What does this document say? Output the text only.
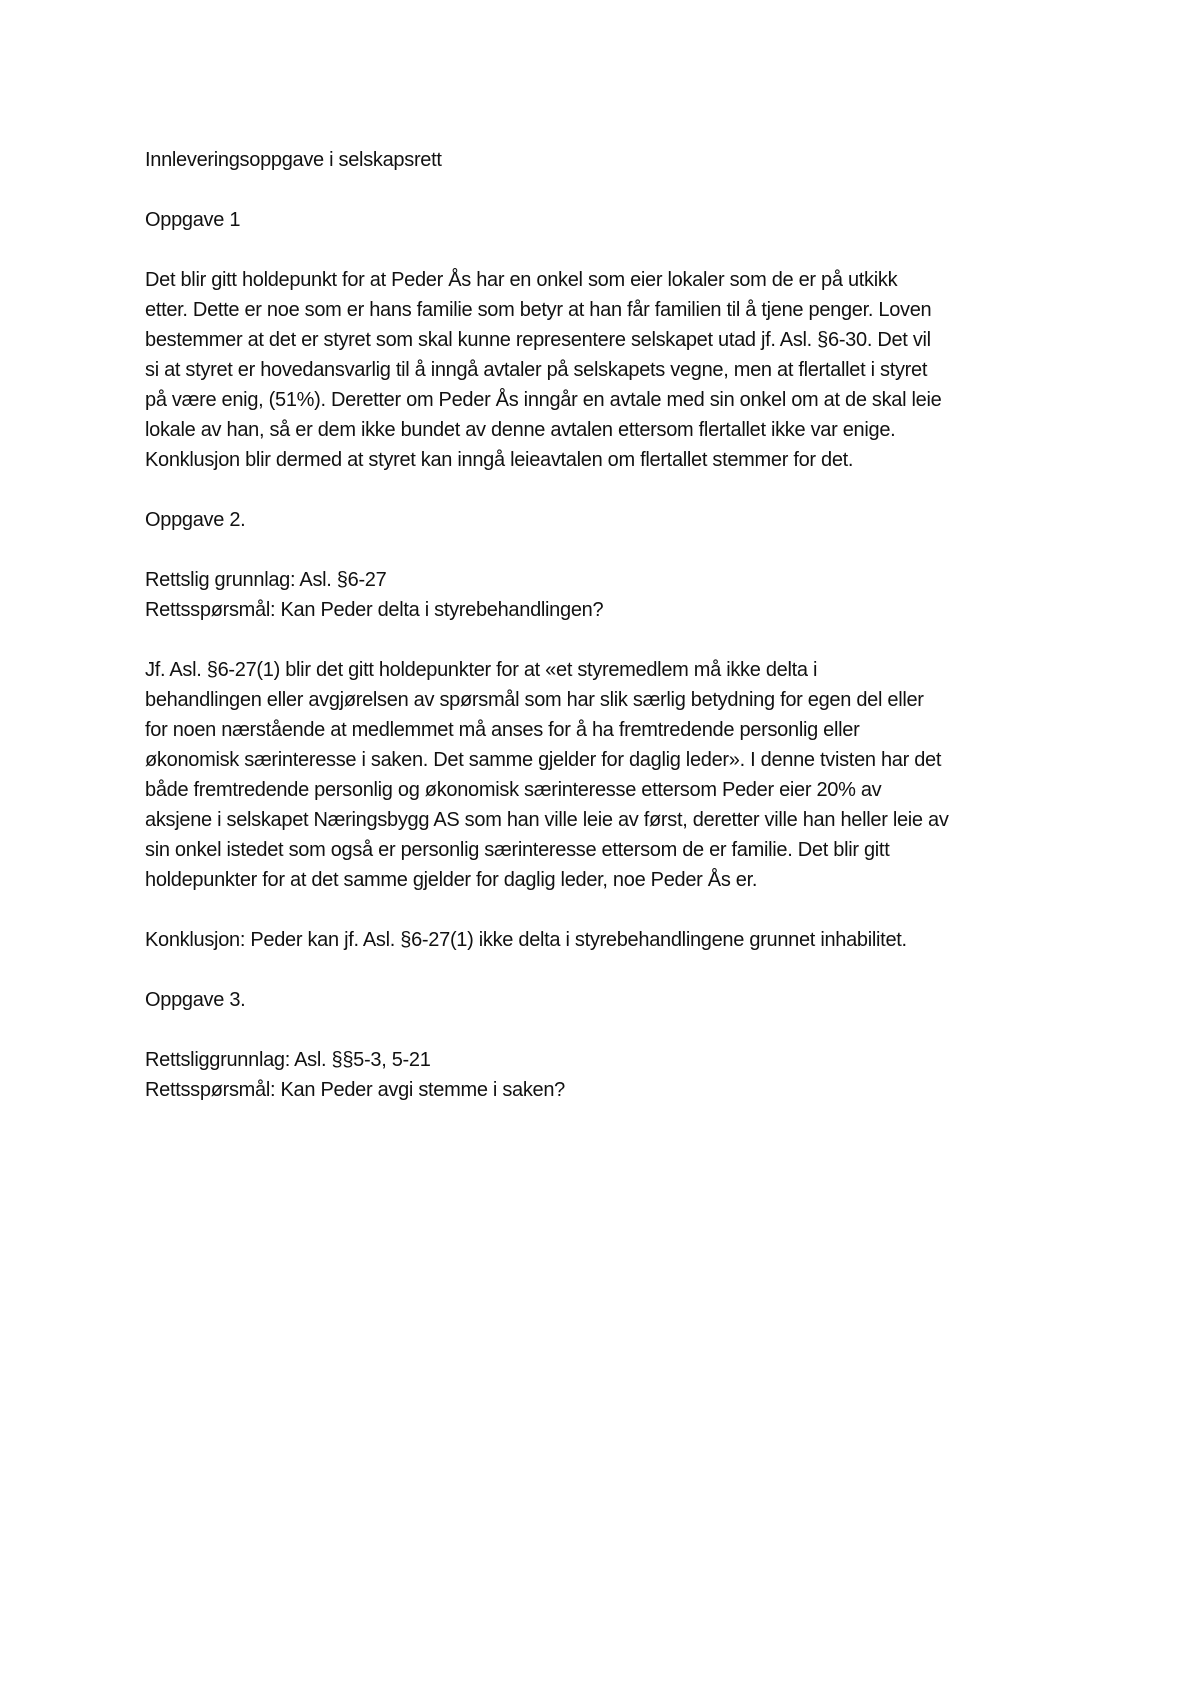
Innleveringsoppgave i selskapsrett

Oppgave 1

Det blir gitt holdepunkt for at Peder Ås har en onkel som eier lokaler som de er på utkikk
etter. Dette er noe som er hans familie som betyr at han får familien til å tjene penger. Loven
bestemmer at det er styret som skal kunne representere selskapet utad jf. Asl. §6-30. Det vil
si at styret er hovedansvarlig til å inngå avtaler på selskapets vegne, men at flertallet i styret
på være enig, (51%). Deretter om Peder Ås inngår en avtale med sin onkel om at de skal leie
lokale av han, så er dem ikke bundet av denne avtalen ettersom flertallet ikke var enige.
Konklusjon blir dermed at styret kan inngå leieavtalen om flertallet stemmer for det.

Oppgave 2.

Rettslig grunnlag: Asl. §6-27
Rettsspørsmål: Kan Peder delta i styrebehandlingen?

Jf. Asl. §6-27(1) blir det gitt holdepunkter for at «et styremedlem må ikke delta i
behandlingen eller avgjørelsen av spørsmål som har slik særlig betydning for egen del eller
for noen nærstående at medlemmet må anses for å ha fremtredende personlig eller
økonomisk særinteresse i saken. Det samme gjelder for daglig leder». I denne tvisten har det
både fremtredende personlig og økonomisk særinteresse ettersom Peder eier 20% av
aksjene i selskapet Næringsbygg AS som han ville leie av først, deretter ville han heller leie av
sin onkel istedet som også er personlig særinteresse ettersom de er familie. Det blir gitt
holdepunkter for at det samme gjelder for daglig leder, noe Peder Ås er.

Konklusjon: Peder kan jf. Asl. §6-27(1) ikke delta i styrebehandlingene grunnet inhabilitet.

Oppgave 3.

Rettsliggrunnlag: Asl. §§5-3, 5-21
Rettsspørsmål: Kan Peder avgi stemme i saken?
